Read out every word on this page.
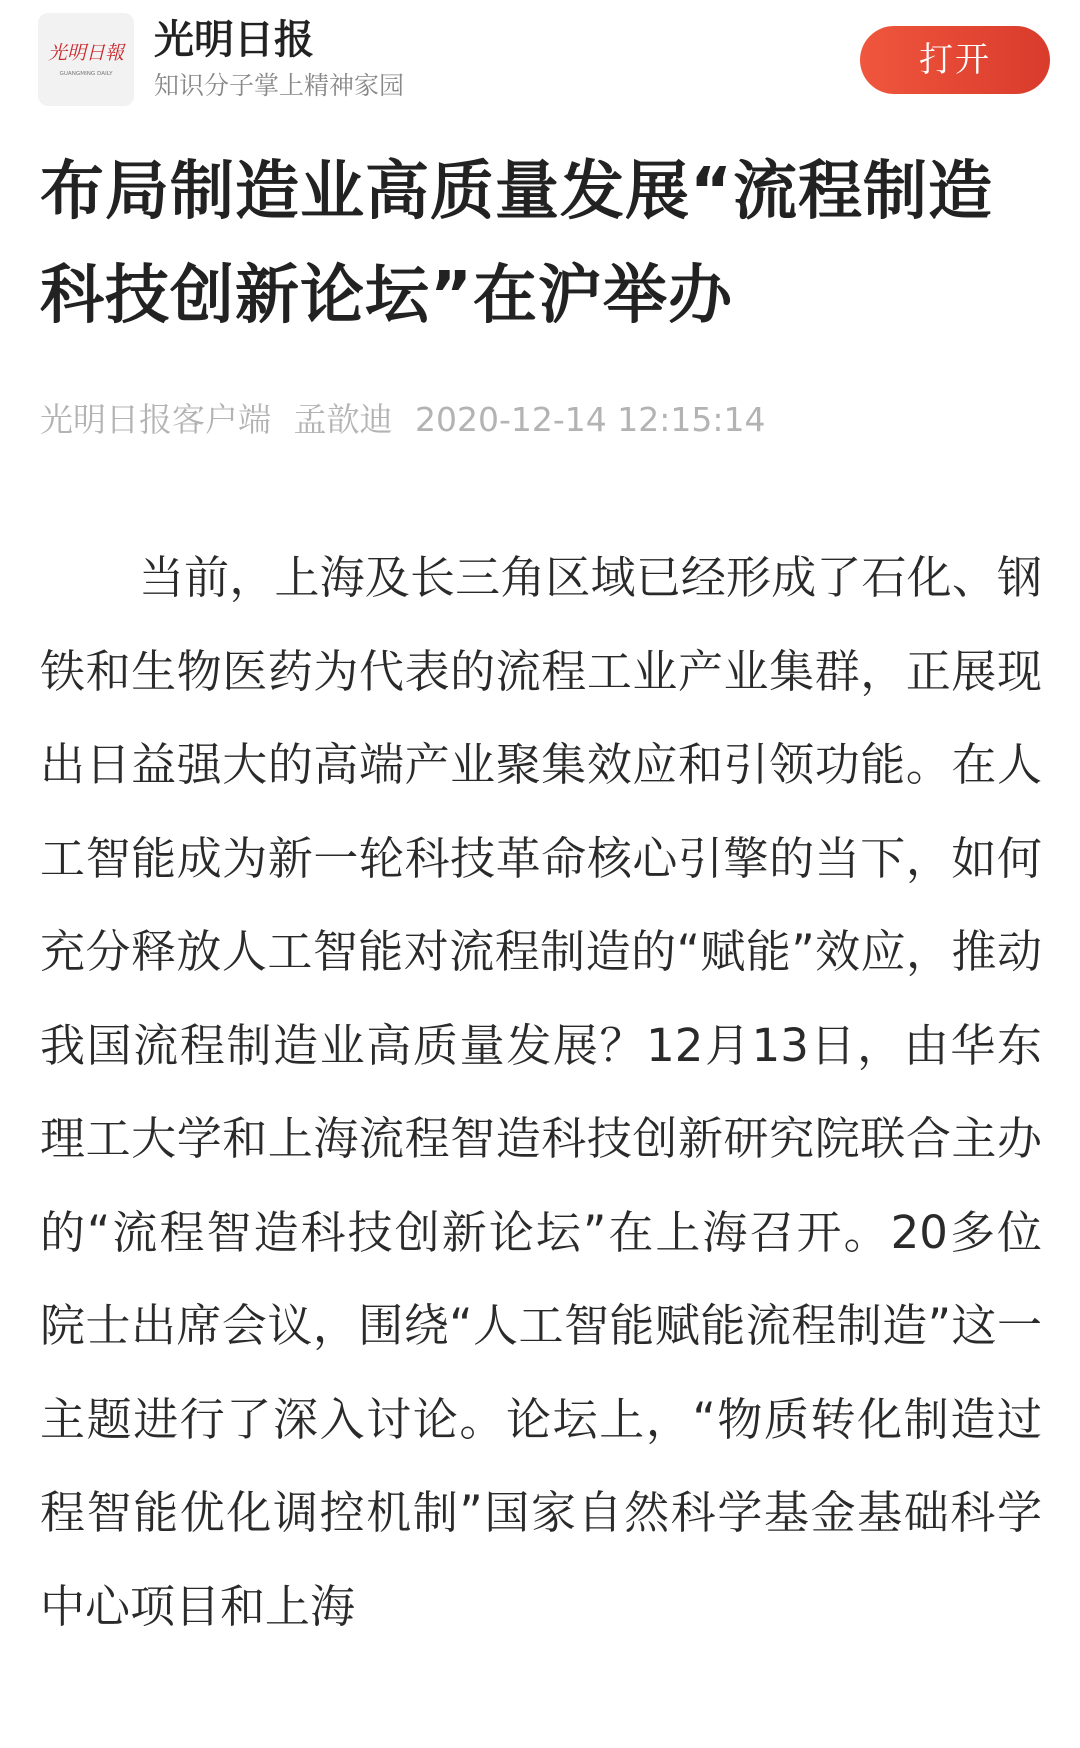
光明日報
GUANGMING DAILY
光明日报
知识分子掌上精神家园
打开
布局制造业高质量发展“流程制造科技创新论坛”在沪举办
光明日报客户端 孟歆迪 2020-12-14 12:15:14

当前，上海及长三角区域已经形成了石化、钢铁和生物医药为代表的流程工业产业集群，正展现出日益强大的高端产业聚集效应和引领功能。在人工智能成为新一轮科技革命核心引擎的当下，如何充分释放人工智能对流程制造的“赋能”效应，推动我国流程制造业高质量发展？12月13日，由华东理工大学和上海流程智造科技创新研究院联合主办的“流程智造科技创新论坛”在上海召开。20多位院士出席会议，围绕“人工智能赋能流程制造”这一主题进行了深入讨论。论坛上，“物质转化制造过程智能优化调控机制”国家自然科学基金基础科学中心项目和上海
